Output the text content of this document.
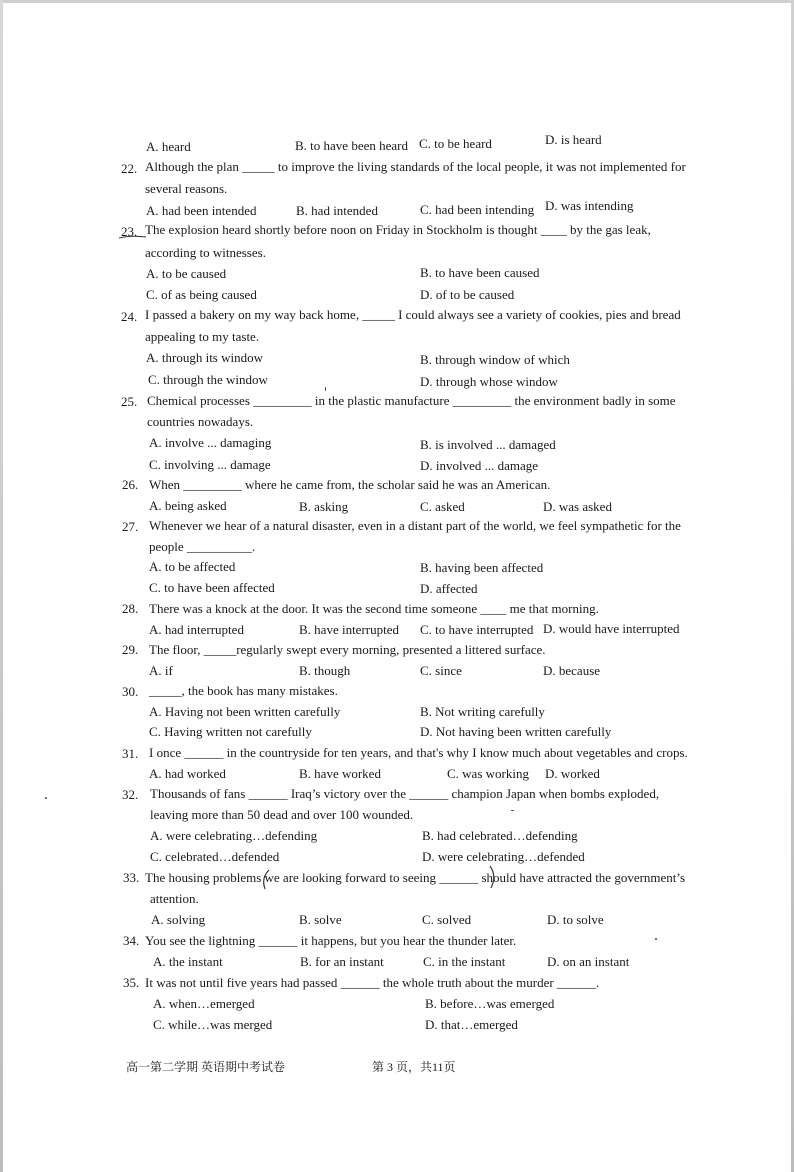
A. heard	B. to have been heard C. to be heard	D. is heard
22. Although the plan _____ to improve the living standards of the local people, it was not implemented for
several reasons.
A. had been intended	B. had intended	C. had been intending D. was intending
23. The explosion heard shortly before noon on Friday in Stockholm is thought ____ by the gas leak,
according to witnesses.
A. to be caused	B. to have been caused
C. of as being caused	D. of to be caused
24. I passed a bakery on my way back home, _____ I could always see a variety of cookies, pies and bread
appealing to my taste.
A. through its window	B. through window of which
C. through the window	D. through whose window
25. Chemical processes _________ in the plastic manufacture _________ the environment badly in some
countries nowadays.
A. involve ... damaging	B. is involved ... damaged
C. involving ... damage	D. involved ... damage
26. When _________ where he came from, the scholar said he was an American.
A. being asked	B. asking	C. asked	D. was asked
27. Whenever we hear of a natural disaster, even in a distant part of the world, we feel sympathetic for the
people __________.
A. to be affected	B. having been affected
C. to have been affected	D. affected
28. There was a knock at the door. It was the second time someone ____ me that morning.
A. had interrupted	B. have interrupted C. to have interrupted D. would have interrupted
29. The floor, _____regularly swept every morning, presented a littered surface.
A. if	B. though	C. since	D. because
30. _____, the book has many mistakes.
A. Having not been written carefully	B. Not writing carefully
C. Having written not carefully	D. Not having been written carefully
31. I once ______ in the countryside for ten years, and that's why I know much about vegetables and crops.
A. had worked	B. have worked	C. was working D. worked
32. Thousands of fans ______ Iraq’s victory over the ______ champion Japan when bombs exploded,
leaving more than 50 dead and over 100 wounded.
A. were celebrating…defending	B. had celebrated…defending
C. celebrated…defended	D. were celebrating…defended
33. The housing problems we are looking forward to seeing ______ should have attracted the government’s
attention.
A. solving	B. solve	C. solved	D. to solve
34. You see the lightning ______ it happens, but you hear the thunder later.
A. the instant	B. for an instant	C. in the instant	D. on an instant
35. It was not until five years had passed ______ the whole truth about the murder ______.
A. when…emerged	B. before…was emerged
C. while…was merged	D. that…emerged
高一第二学期 英语期中考试卷	第 3 页，共11页
